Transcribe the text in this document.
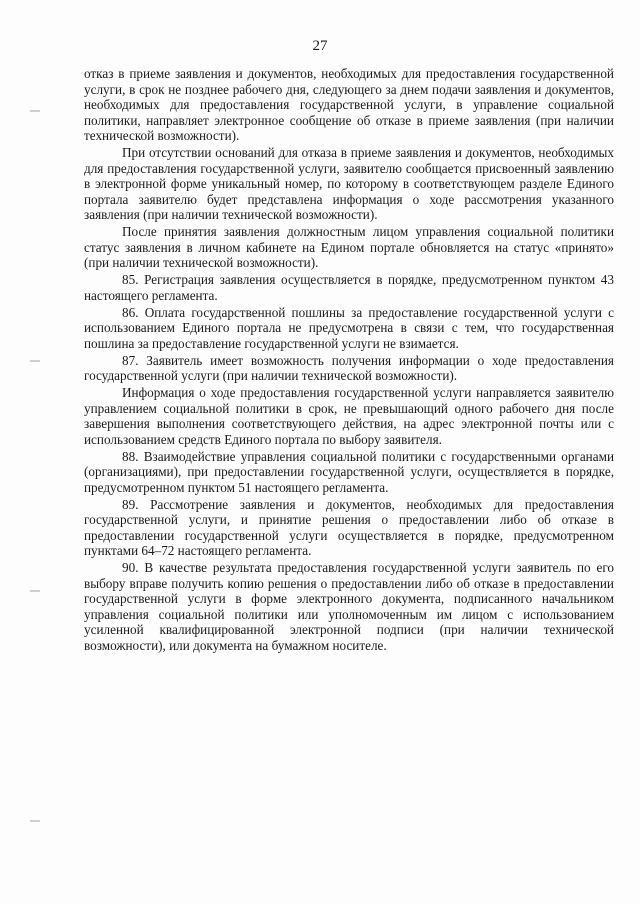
27

отказ в приеме заявления и документов, необходимых для предоставления государственной услуги, в срок не позднее рабочего дня, следующего за днем подачи заявления и документов, необходимых для предоставления государственной услуги, в управление социальной политики, направляет электронное сообщение об отказе в приеме заявления (при наличии технической возможности).

При отсутствии оснований для отказа в приеме заявления и документов, необходимых для предоставления государственной услуги, заявителю сообщается присвоенный заявлению в электронной форме уникальный номер, по которому в соответствующем разделе Единого портала заявителю будет представлена информация о ходе рассмотрения указанного заявления (при наличии технической возможности).

После принятия заявления должностным лицом управления социальной политики статус заявления в личном кабинете на Едином портале обновляется на статус «принято» (при наличии технической возможности).

85. Регистрация заявления осуществляется в порядке, предусмотренном пунктом 43 настоящего регламента.

86. Оплата государственной пошлины за предоставление государственной услуги с использованием Единого портала не предусмотрена в связи с тем, что государственная пошлина за предоставление государственной услуги не взимается.

87. Заявитель имеет возможность получения информации о ходе предоставления государственной услуги (при наличии технической возможности).

Информация о ходе предоставления государственной услуги направляется заявителю управлением социальной политики в срок, не превышающий одного рабочего дня после завершения выполнения соответствующего действия, на адрес электронной почты или с использованием средств Единого портала по выбору заявителя.

88. Взаимодействие управления социальной политики с государственными органами (организациями), при предоставлении государственной услуги, осуществляется в порядке, предусмотренном пунктом 51 настоящего регламента.

89. Рассмотрение заявления и документов, необходимых для предоставления государственной услуги, и принятие решения о предоставлении либо об отказе в предоставлении государственной услуги осуществляется в порядке, предусмотренном пунктами 64–72 настоящего регламента.

90. В качестве результата предоставления государственной услуги заявитель по его выбору вправе получить копию решения о предоставлении либо об отказе в предоставлении государственной услуги в форме электронного документа, подписанного начальником управления социальной политики или уполномоченным им лицом с использованием усиленной квалифицированной электронной подписи (при наличии технической возможности), или документа на бумажном носителе.
